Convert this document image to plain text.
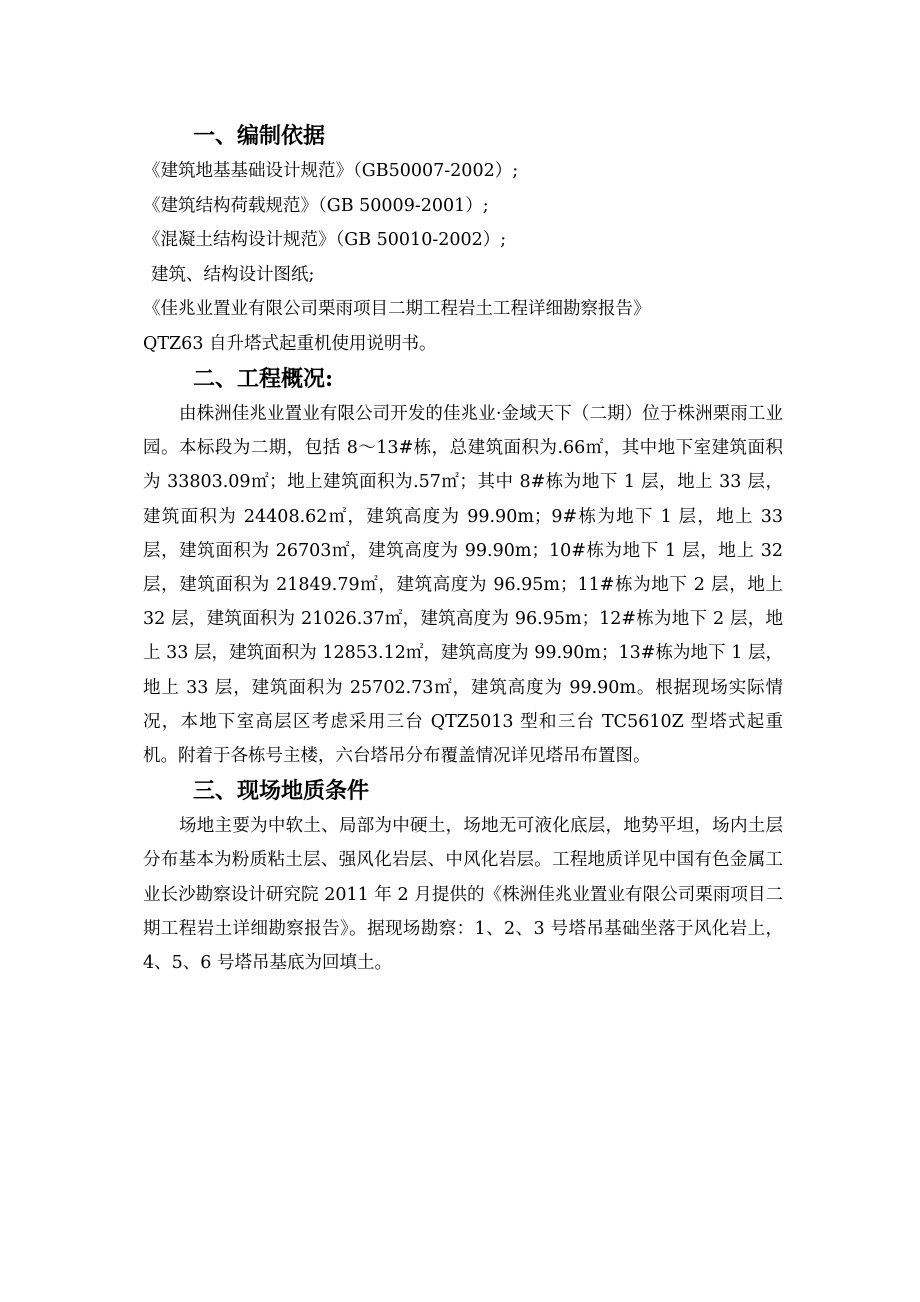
一、编制依据
《建筑地基基础设计规范》（GB50007-2002）;
《建筑结构荷载规范》（GB 50009-2001）;
《混凝土结构设计规范》（GB 50010-2002）;
建筑、结构设计图纸;
《佳兆业置业有限公司栗雨项目二期工程岩土工程详细勘察报告》
QTZ63 自升塔式起重机使用说明书。
二、工程概况:

由株洲佳兆业置业有限公司开发的佳兆业·金域天下（二期）位于株洲栗雨工业园。本标段为二期，包括 8～13#栋，总建筑面积为.66㎡，其中地下室建筑面积为 33803.09㎡；地上建筑面积为.57㎡；其中 8#栋为地下 1 层，地上 33 层，建筑面积为 24408.62㎡，建筑高度为 99.90m；9#栋为地下 1 层，地上 33 层，建筑面积为 26703㎡，建筑高度为 99.90m；10#栋为地下 1 层，地上 32 层，建筑面积为 21849.79㎡，建筑高度为 96.95m；11#栋为地下 2 层，地上 32 层，建筑面积为 21026.37㎡，建筑高度为 96.95m；12#栋为地下 2 层，地上 33 层，建筑面积为 12853.12㎡，建筑高度为 99.90m；13#栋为地下 1 层，地上 33 层，建筑面积为 25702.73㎡，建筑高度为 99.90m。根据现场实际情况，本地下室高层区考虑采用三台 QTZ5013 型和三台 TC5610Z 型塔式起重机。附着于各栋号主楼，六台塔吊分布覆盖情况详见塔吊布置图。

三、现场地质条件

场地主要为中软土、局部为中硬土，场地无可液化底层，地势平坦，场内土层分布基本为粉质粘土层、强风化岩层、中风化岩层。工程地质详见中国有色金属工业长沙勘察设计研究院 2011 年 2 月提供的《株洲佳兆业置业有限公司栗雨项目二期工程岩土详细勘察报告》。据现场勘察：1、2、3 号塔吊基础坐落于风化岩上，4、5、6 号塔吊基底为回填土。
